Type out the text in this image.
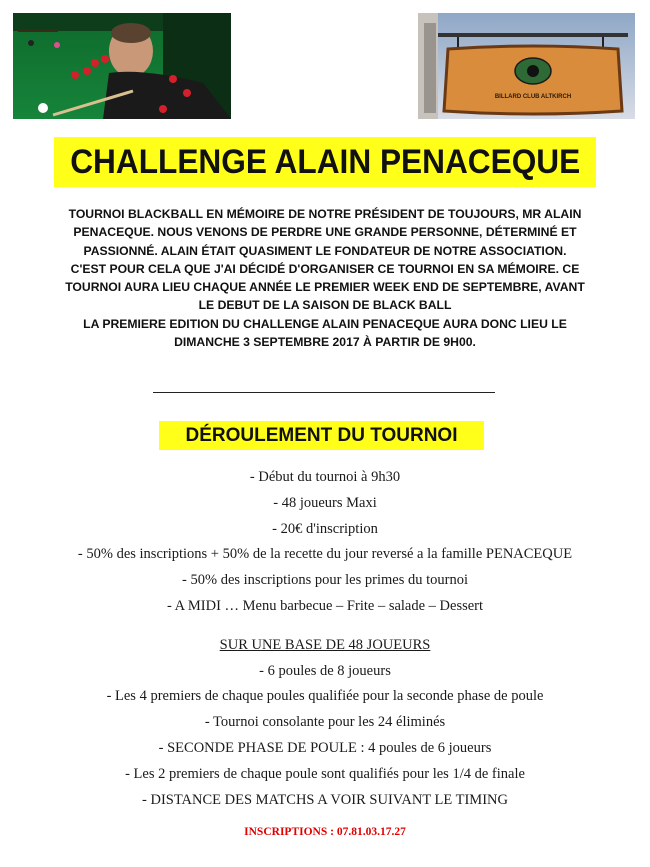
BILLARD CLUB ALTKIRCH
CHALLENGE ALAIN PENACEQUE
TOURNOI BLACKBALL EN MÉMOIRE DE NOTRE PRÉSIDENT DE TOUJOURS, MR ALAIN
PENACEQUE. NOUS VENONS DE PERDRE UNE GRANDE PERSONNE, DÉTERMINÉ ET
PASSIONNÉ. ALAIN ÉTAIT QUASIMENT LE FONDATEUR DE NOTRE ASSOCIATION.
C'EST POUR CELA QUE J'AI DÉCIDÉ D'ORGANISER CE TOURNOI EN SA MÉMOIRE. CE
TOURNOI AURA LIEU CHAQUE ANNÉE LE PREMIER WEEK END DE SEPTEMBRE, AVANT
LE DEBUT DE LA SAISON DE BLACK BALL
LA PREMIERE EDITION DU CHALLENGE ALAIN PENACEQUE AURA DONC LIEU LE
DIMANCHE 3 SEPTEMBRE 2017 À PARTIR DE 9H00.
DÉROULEMENT DU TOURNOI
- Début du tournoi à 9h30
- 48 joueurs Maxi
- 20€ d'inscription
- 50% des inscriptions + 50% de la recette du jour reversé a la famille PENACEQUE
- 50% des inscriptions pour les primes du tournoi
- A MIDI … Menu barbecue – Frite – salade – Dessert
SUR UNE BASE DE 48 JOUEURS
- 6 poules de 8 joueurs
- Les 4 premiers de chaque poules qualifiée pour la seconde phase de poule
- Tournoi consolante pour les 24 éliminés
- SECONDE PHASE DE POULE : 4 poules de 6 joueurs
- Les 2 premiers de chaque poule sont qualifiés pour les 1/4 de finale
- DISTANCE DES MATCHS A VOIR SUIVANT LE TIMING
INSCRIPTIONS : 07.81.03.17.27
